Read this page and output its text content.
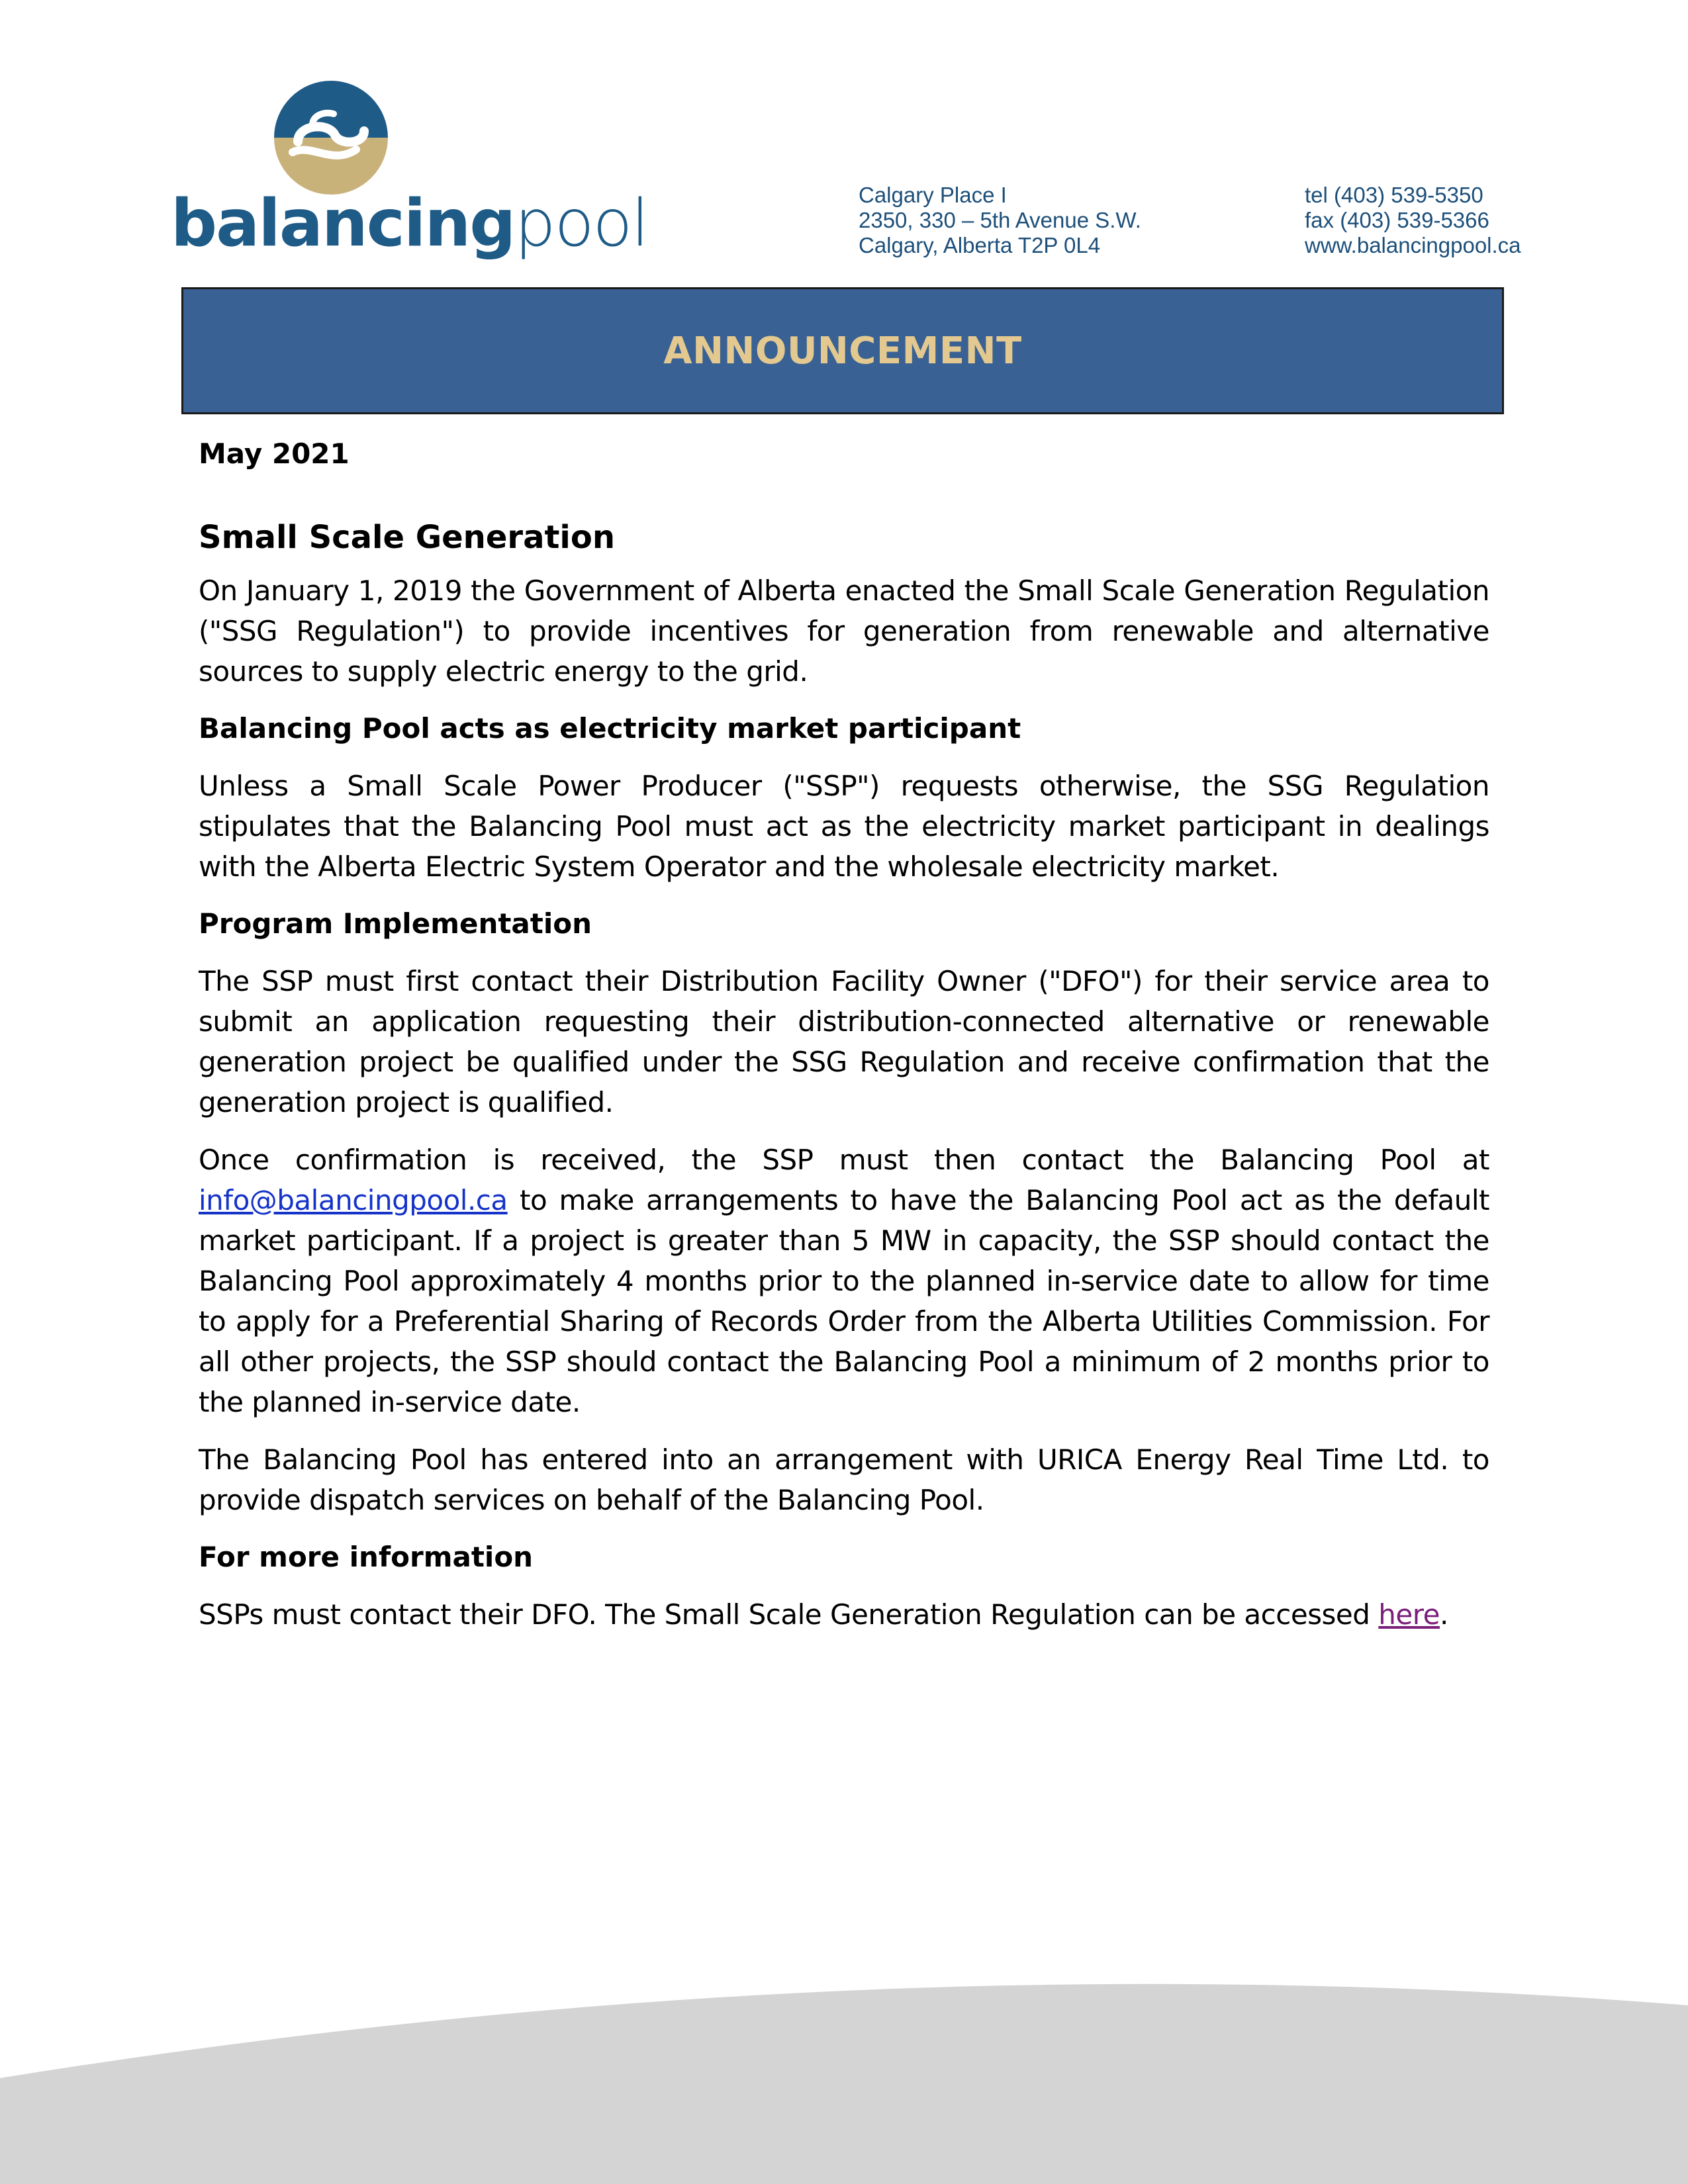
balancingpool	Calgary Place I
2350, 330 – 5th Avenue S.W.
Calgary, Alberta T2P 0L4
tel (403) 539-5350
fax (403) 539-5366
www.balancingpool.ca
ANNOUNCEMENT

May 2021

Small Scale Generation

On January 1, 2019 the Government of Alberta enacted the Small Scale Generation Regulation ("SSG Regulation") to provide incentives for generation from renewable and alternative sources to supply electric energy to the grid.

Balancing Pool acts as electricity market participant

Unless a Small Scale Power Producer ("SSP") requests otherwise, the SSG Regulation stipulates that the Balancing Pool must act as the electricity market participant in dealings with the Alberta Electric System Operator and the wholesale electricity market.

Program Implementation

The SSP must first contact their Distribution Facility Owner ("DFO") for their service area to submit an application requesting their distribution-connected alternative or renewable generation project be qualified under the SSG Regulation and receive confirmation that the generation project is qualified.

Once confirmation is received, the SSP must then contact the Balancing Pool at info@balancingpool.ca to make arrangements to have the Balancing Pool act as the default market participant. If a project is greater than 5 MW in capacity, the SSP should contact the Balancing Pool approximately 4 months prior to the planned in-service date to allow for time to apply for a Preferential Sharing of Records Order from the Alberta Utilities Commission. For all other projects, the SSP should contact the Balancing Pool a minimum of 2 months prior to the planned in-service date.

The Balancing Pool has entered into an arrangement with URICA Energy Real Time Ltd. to provide dispatch services on behalf of the Balancing Pool.

For more information

SSPs must contact their DFO. The Small Scale Generation Regulation can be accessed here.
